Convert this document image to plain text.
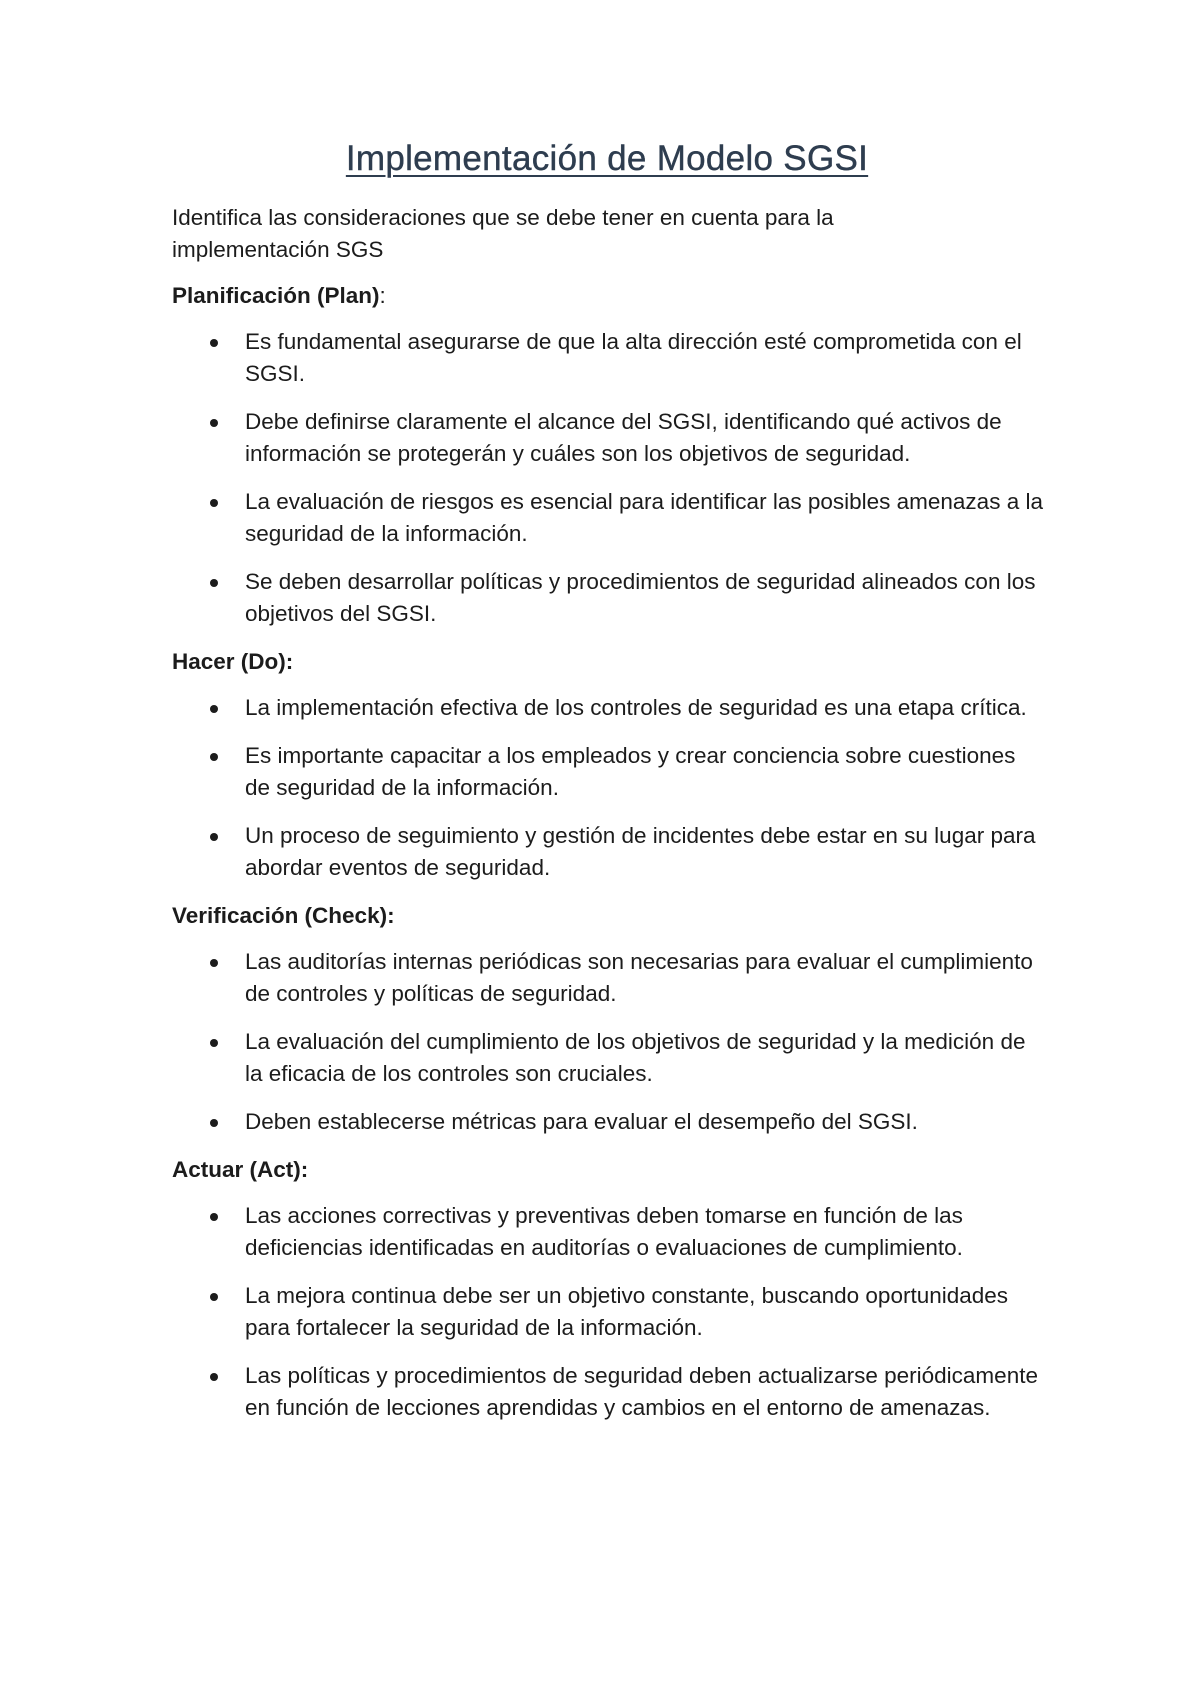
Implementación de Modelo SGSI

Identifica las consideraciones que se debe tener en cuenta para la implementación SGS

Planificación (Plan):

Es fundamental asegurarse de que la alta dirección esté comprometida con el SGSI.
Debe definirse claramente el alcance del SGSI, identificando qué activos de información se protegerán y cuáles son los objetivos de seguridad.
La evaluación de riesgos es esencial para identificar las posibles amenazas a la seguridad de la información.
Se deben desarrollar políticas y procedimientos de seguridad alineados con los objetivos del SGSI.

Hacer (Do):

La implementación efectiva de los controles de seguridad es una etapa crítica.
Es importante capacitar a los empleados y crear conciencia sobre cuestiones de seguridad de la información.
Un proceso de seguimiento y gestión de incidentes debe estar en su lugar para abordar eventos de seguridad.

Verificación (Check):

Las auditorías internas periódicas son necesarias para evaluar el cumplimiento de controles y políticas de seguridad.
La evaluación del cumplimiento de los objetivos de seguridad y la medición de la eficacia de los controles son cruciales.
Deben establecerse métricas para evaluar el desempeño del SGSI.

Actuar (Act):

Las acciones correctivas y preventivas deben tomarse en función de las deficiencias identificadas en auditorías o evaluaciones de cumplimiento.
La mejora continua debe ser un objetivo constante, buscando oportunidades para fortalecer la seguridad de la información.
Las políticas y procedimientos de seguridad deben actualizarse periódicamente en función de lecciones aprendidas y cambios en el entorno de amenazas.
